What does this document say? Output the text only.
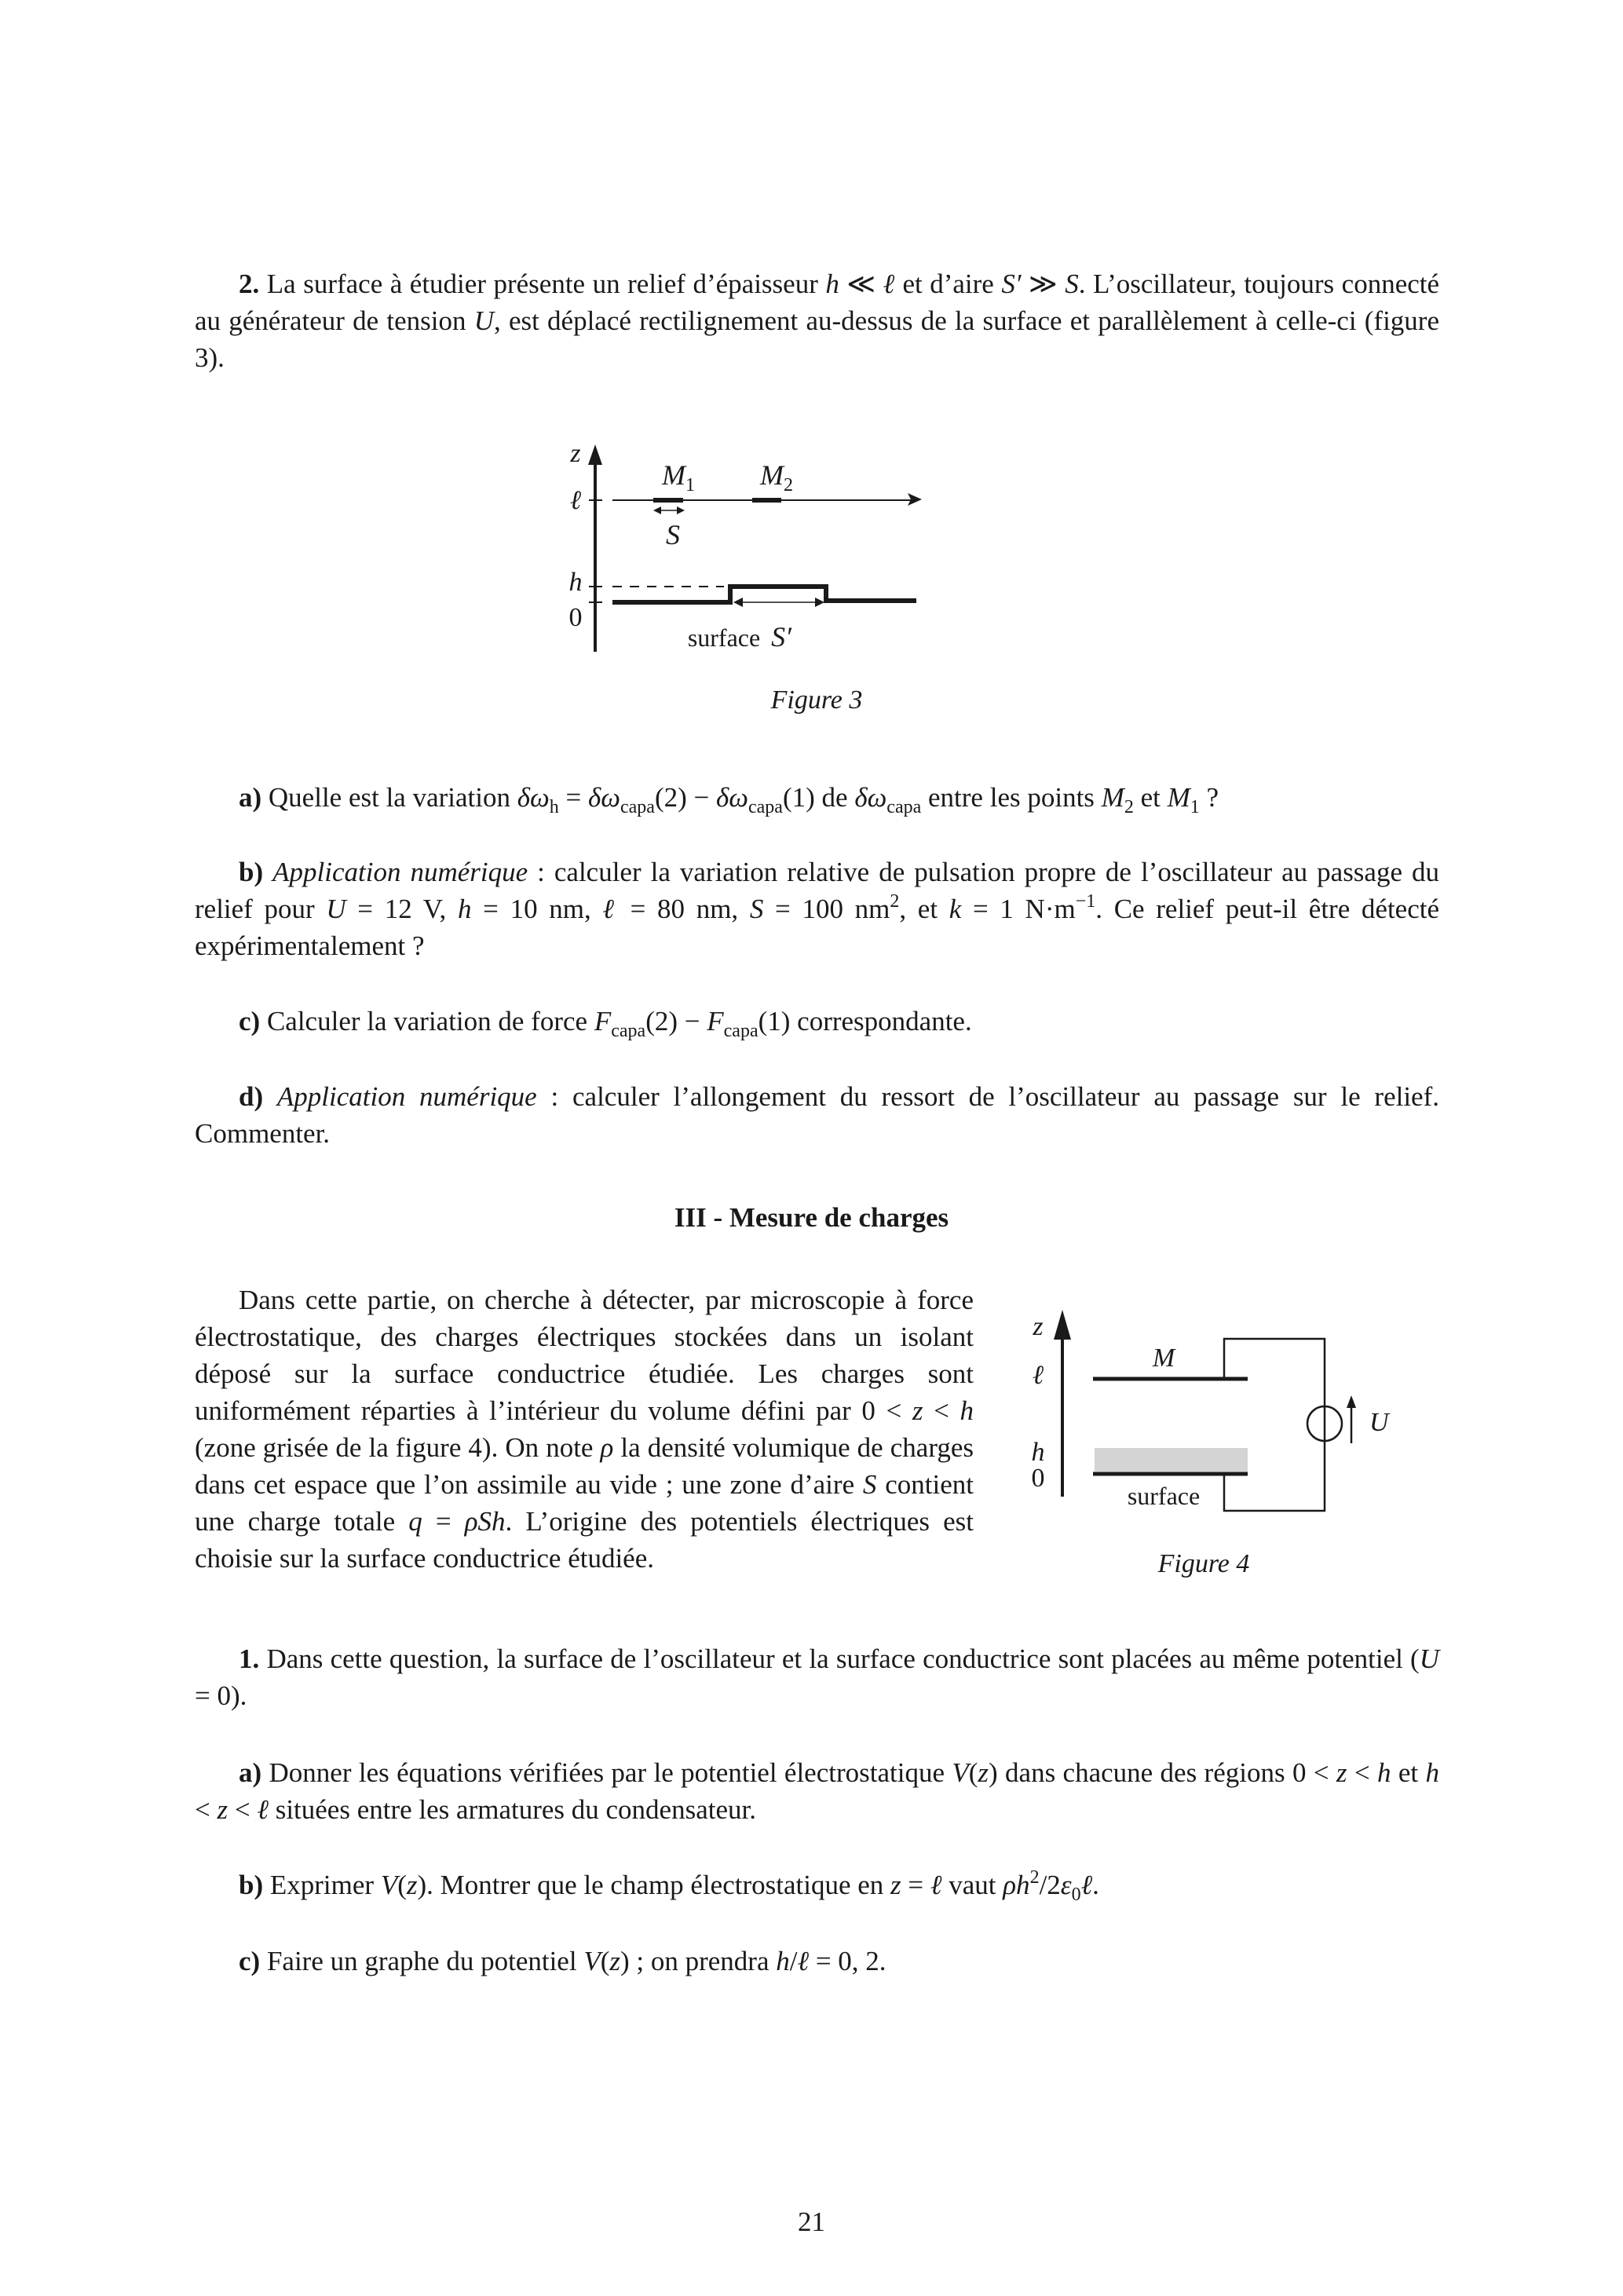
2. La surface à étudier présente un relief d’épaisseur h ≪ ℓ et d’aire S′ ≫ S. L’oscillateur, toujours connecté au générateur de tension U, est déplacé rectilignement au-dessus de la surface et parallèlement à celle-ci (figure 3).
z
ℓ
h
0
$M_1$ $M_2$
S
surface S′
Figure 3
z
ℓ
h
0
M
U
surface
Figure 4
a) Quelle est la variation $\delta\omega_h = \delta\omega_{capa}(2) - \delta\omega_{capa}(1)$ de $\delta\omega_{capa}$ entre les points $M_2$ et $M_1$ ?
b) Application numérique : calculer la variation relative de pulsation propre de l’oscillateur au passage du relief pour U = 12 V, h = 10 nm, ℓ = 80 nm, S = 100 $nm^2$, et k = 1 $N\cdot m^{-1}$. Ce relief peut-il être détecté expérimentalement ?
c) Calculer la variation de force $F_{capa}(2) - F_{capa}(1)$ correspondante.
d) Application numérique : calculer l’allongement du ressort de l’oscillateur au passage sur le relief. Commenter.
III - Mesure de charges
Dans cette partie, on cherche à détecter, par microscopie à force électrostatique, des charges électriques stockées dans un isolant déposé sur la surface conductrice étudiée. Les charges sont uniformément réparties à l’intérieur du volume défini par 0 < z < h (zone grisée de la figure 4). On note ρ la densité volumique de charges dans cet espace que l’on assimile au vide ; une zone d’aire S contient une charge totale q = ρSh. L’origine des potentiels électriques est choisie sur la surface conductrice étudiée.
1. Dans cette question, la surface de l’oscillateur et la surface conductrice sont placées au même potentiel (U = 0).
a) Donner les équations vérifiées par le potentiel électrostatique V(z) dans chacune des régions 0 < z < h et h < z < ℓ situées entre les armatures du condensateur.
b) Exprimer V(z). Montrer que le champ électrostatique en z = ℓ vaut $\rho h^2/2\varepsilon_0\ell$.
c) Faire un graphe du potentiel V(z) ; on prendra h/ℓ = 0, 2.
21
